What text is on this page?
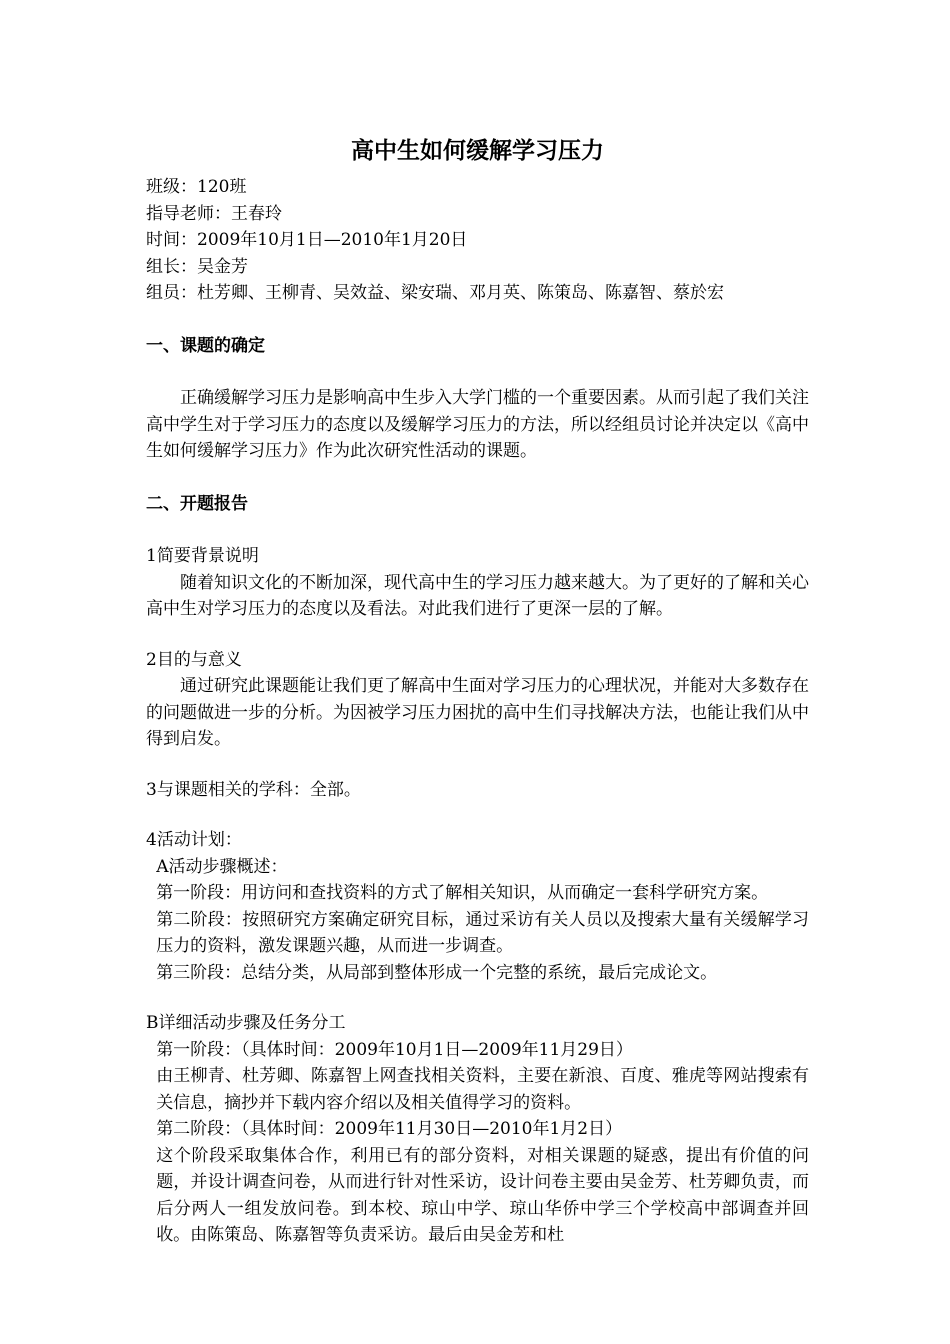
高中生如何缓解学习压力

班级：120班

指导老师：王春玲

时间：2009年10月1日—2010年1月20日

组长：吴金芳

组员：杜芳卿、王柳青、吴效益、梁安瑞、邓月英、陈策岛、陈嘉智、蔡於宏

一、课题的确定

正确缓解学习压力是影响高中生步入大学门槛的一个重要因素。从而引起了我们关注高中学生对于学习压力的态度以及缓解学习压力的方法，所以经组员讨论并决定以《高中生如何缓解学习压力》作为此次研究性活动的课题。

二、开题报告

1简要背景说明

随着知识文化的不断加深，现代高中生的学习压力越来越大。为了更好的了解和关心高中生对学习压力的态度以及看法。对此我们进行了更深一层的了解。

2目的与意义

通过研究此课题能让我们更了解高中生面对学习压力的心理状况，并能对大多数存在的问题做进一步的分析。为因被学习压力困扰的高中生们寻找解决方法，也能让我们从中得到启发。

3与课题相关的学科：全部。

4活动计划：

A活动步骤概述：

第一阶段：用访问和查找资料的方式了解相关知识，从而确定一套科学研究方案。

第二阶段：按照研究方案确定研究目标，通过采访有关人员以及搜索大量有关缓解学习压力的资料，激发课题兴趣，从而进一步调查。

第三阶段：总结分类，从局部到整体形成一个完整的系统，最后完成论文。

B详细活动步骤及任务分工

第一阶段：（具体时间：2009年10月1日—2009年11月29日）

由王柳青、杜芳卿、陈嘉智上网查找相关资料，主要在新浪、百度、雅虎等网站搜索有关信息，摘抄并下载内容介绍以及相关值得学习的资料。

第二阶段：（具体时间：2009年11月30日—2010年1月2日）

这个阶段采取集体合作，利用已有的部分资料，对相关课题的疑惑，提出有价值的问题，并设计调查问卷，从而进行针对性采访，设计问卷主要由吴金芳、杜芳卿负责，而后分两人一组发放问卷。到本校、琼山中学、琼山华侨中学三个学校高中部调查并回收。由陈策岛、陈嘉智等负责采访。最后由吴金芳和杜
